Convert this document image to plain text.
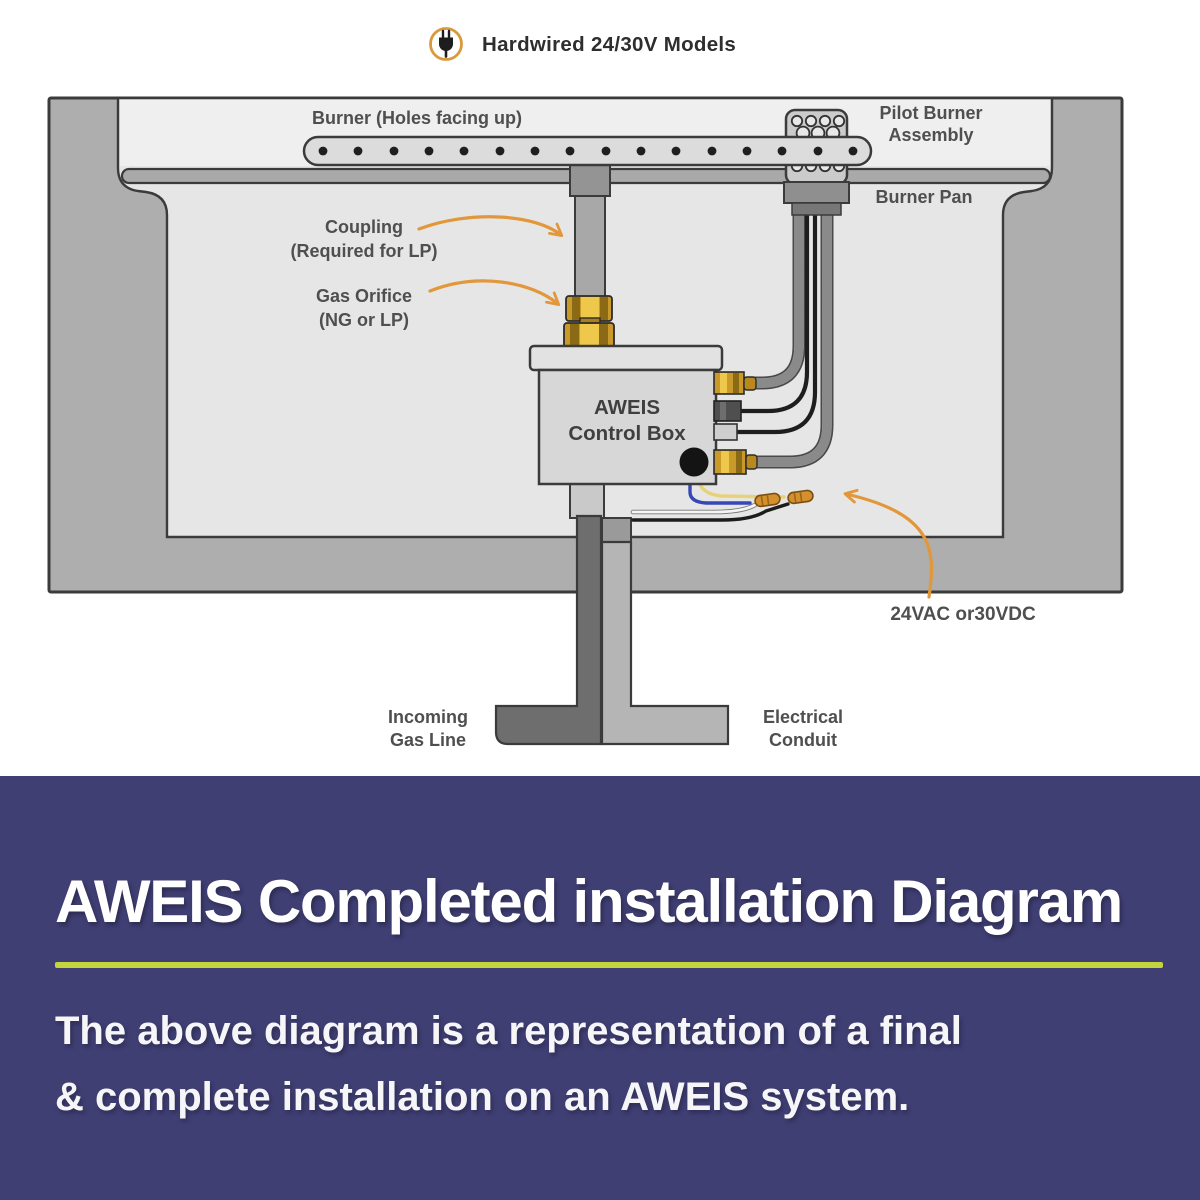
Hardwired 24/30V Models
AWEIS
Control Box
Burner (Holes facing up)	Pilot Burner
Assembly
Burner Pan
Coupling
(Required for LP)
Gas Orifice
(NG or LP)
24VAC or30VDC
Incoming
Gas Line
Electrical
Conduit
AWEIS Completed installation Diagram
The above diagram is a representation of a final
& complete installation on an AWEIS system.
